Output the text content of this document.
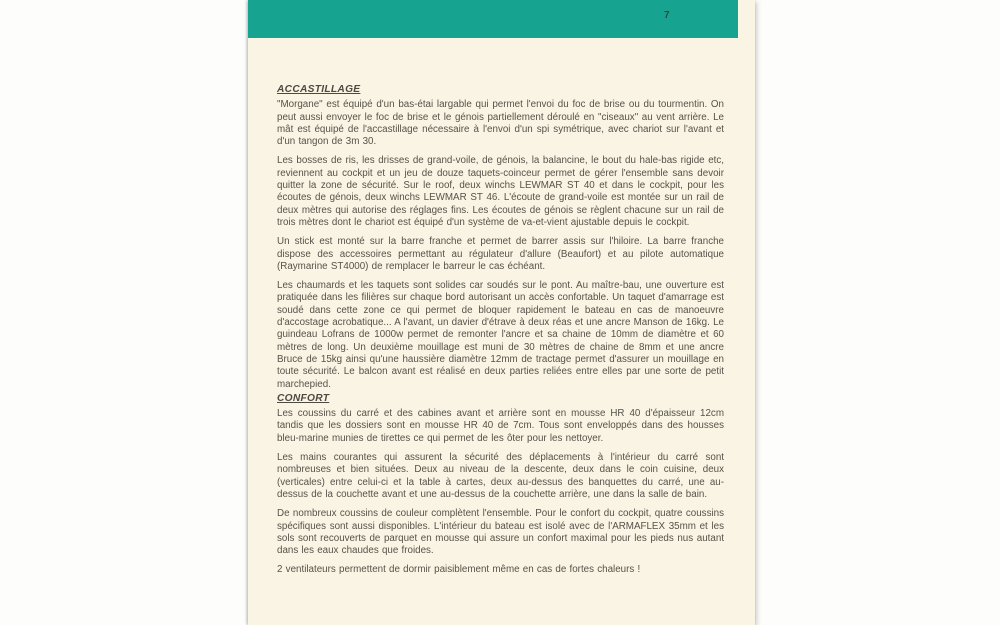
7
ACCASTILLAGE

"Morgane" est équipé d'un bas-étai largable qui permet l'envoi du foc de brise ou du tourmentin. On peut aussi envoyer le foc de brise et le génois partiellement déroulé en "ciseaux" au vent arrière. Le mât est équipé de l'accastillage nécessaire à l'envoi d'un spi symétrique, avec chariot sur l'avant et d'un tangon de 3m 30.

Les bosses de ris, les drisses de grand-voile, de génois, la balancine, le bout du hale-bas rigide etc, reviennent au cockpit et un jeu de douze taquets-coinceur permet de gérer l'ensemble sans devoir quitter la zone de sécurité. Sur le roof, deux winchs LEWMAR ST 40 et dans le cockpit, pour les écoutes de génois, deux winchs LEWMAR ST 46. L'écoute de grand-voile est montée sur un rail de deux mètres qui autorise des réglages fins. Les écoutes de génois se règlent chacune sur un rail de trois mètres dont le chariot est équipé d'un système de va-et-vient ajustable depuis le cockpit.

Un stick est monté sur la barre franche et permet de barrer assis sur l'hiloire. La barre franche dispose des accessoires permettant au régulateur d'allure (Beaufort) et au pilote automatique (Raymarine ST4000) de remplacer le barreur le cas échéant.

Les chaumards et les taquets sont solides car soudés sur le pont. Au maître-bau, une ouverture est pratiquée dans les filières sur chaque bord autorisant un accès confortable. Un taquet d'amarrage est soudé dans cette zone ce qui permet de bloquer rapidement le bateau en cas de manoeuvre d'accostage acrobatique... A l'avant, un davier d'étrave à deux réas et une ancre Manson de 16kg. Le guindeau Lofrans de 1000w permet de remonter l'ancre et sa chaine de 10mm de diamètre et 60 mètres de long. Un deuxième mouillage est muni de 30 mètres de chaine de 8mm et une ancre Bruce de 15kg ainsi qu'une haussière diamètre 12mm de tractage permet d'assurer un mouillage en toute sécurité. Le balcon avant est réalisé en deux parties reliées entre elles par une sorte de petit marchepied.

CONFORT

Les coussins du carré et des cabines avant et arrière sont en mousse HR 40 d'épaisseur 12cm tandis que les dossiers sont en mousse HR 40 de 7cm. Tous sont enveloppés dans des housses bleu-marine munies de tirettes ce qui permet de les ôter pour les nettoyer.

Les mains courantes qui assurent la sécurité des déplacements à l'intérieur du carré sont nombreuses et bien situées. Deux au niveau de la descente, deux dans le coin cuisine, deux (verticales) entre celui-ci et la table à cartes, deux au-dessus des banquettes du carré, une au-dessus de la couchette avant et une au-dessus de la couchette arrière, une dans la salle de bain.

De nombreux coussins de couleur complètent l'ensemble. Pour le confort du cockpit, quatre coussins spécifiques sont aussi disponibles. L'intérieur du bateau est isolé avec de l'ARMAFLEX 35mm et les sols sont recouverts de parquet en mousse qui assure un confort maximal pour les pieds nus autant dans les eaux chaudes que froides.

2 ventilateurs permettent de dormir paisiblement même en cas de fortes chaleurs !
